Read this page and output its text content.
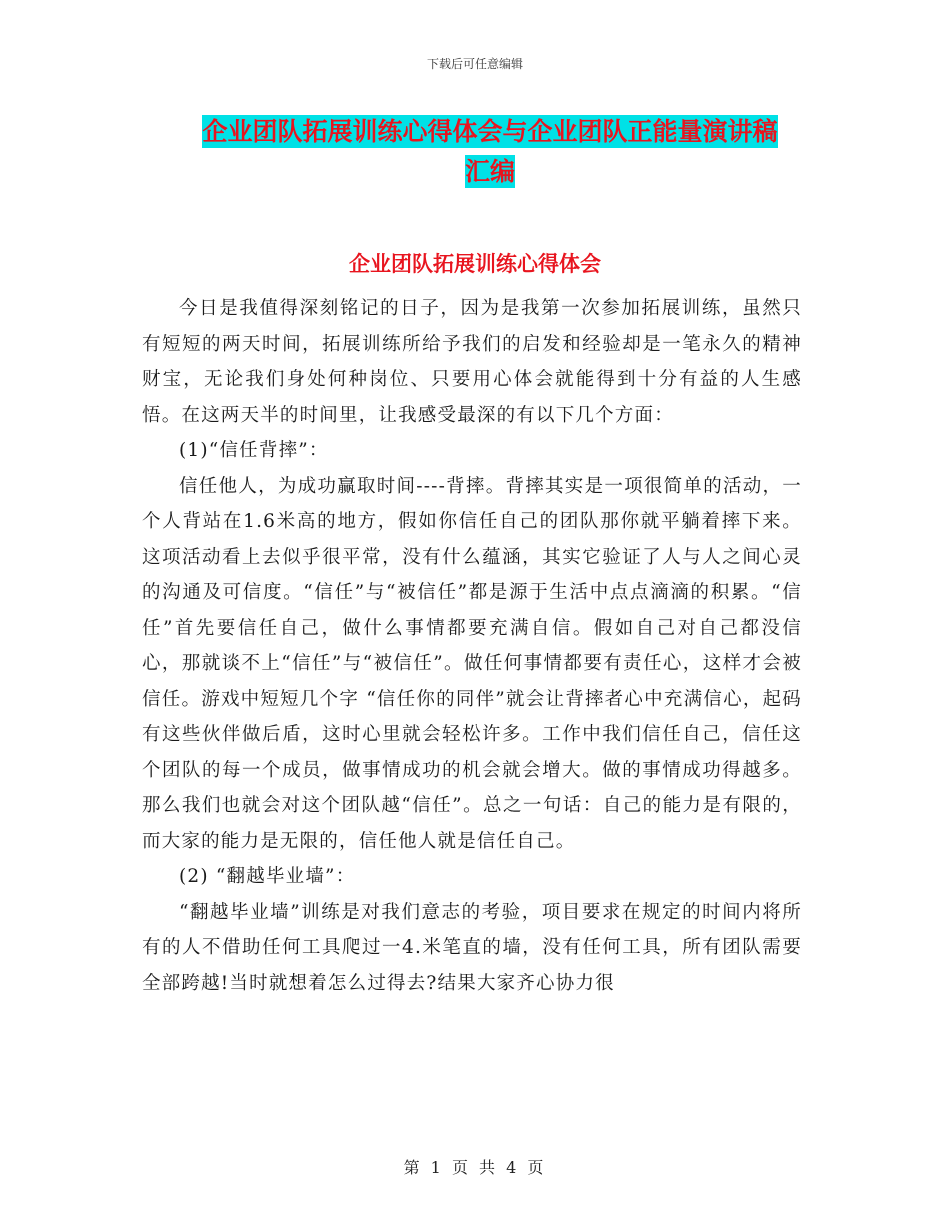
下载后可任意编辑
企业团队拓展训练心得体会与企业团队正能量演讲稿
汇编
企业团队拓展训练心得体会

今日是我值得深刻铭记的日子，因为是我第一次参加拓展训练，虽然只有短短的两天时间，拓展训练所给予我们的启发和经验却是一笔永久的精神财宝，无论我们身处何种岗位、只要用心体会就能得到十分有益的人生感悟。在这两天半的时间里，让我感受最深的有以下几个方面：

(1)“信任背摔”：

信任他人，为成功赢取时间----背摔。背摔其实是一项很简单的活动，一个人背站在1.6米高的地方，假如你信任自己的团队那你就平躺着摔下来。这项活动看上去似乎很平常，没有什么蕴涵，其实它验证了人与人之间心灵的沟通及可信度。“信任”与“被信任”都是源于生活中点点滴滴的积累。“信任”首先要信任自己，做什么事情都要充满自信。假如自己对自己都没信心，那就谈不上“信任”与“被信任”。做任何事情都要有责任心，这样才会被信任。游戏中短短几个字 “信任你的同伴”就会让背摔者心中充满信心，起码有这些伙伴做后盾，这时心里就会轻松许多。工作中我们信任自己，信任这个团队的每一个成员，做事情成功的机会就会增大。做的事情成功得越多。那么我们也就会对这个团队越“信任”。总之一句话：自己的能力是有限的，而大家的能力是无限的，信任他人就是信任自己。

(2) “翻越毕业墙”：

“翻越毕业墙”训练是对我们意志的考验，项目要求在规定的时间内将所有的人不借助任何工具爬过一4.米笔直的墙，没有任何工具，所有团队需要全部跨越!当时就想着怎么过得去?结果大家齐心协力很

第 1 页 共 4 页
